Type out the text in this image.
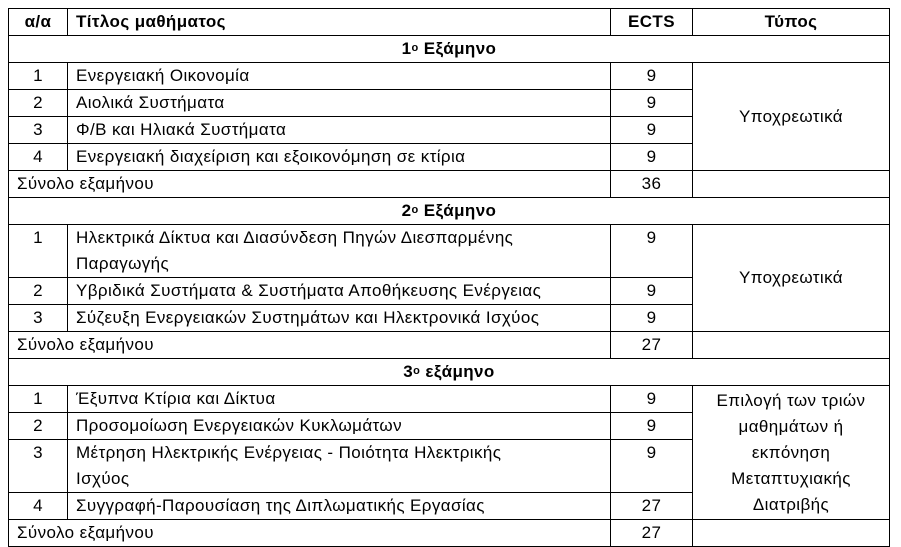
α/α	Τίτλος μαθήματος	ECTS	Τύπος
$1^o$ Εξάμηνο			
1	Ενεργειακή Οικονομία	9	Υποχρεωτικά
2	Αιολικά Συστήματα	9	
3	Φ/Β και Ηλιακά Συστήματα	9	
4	Ενεργειακή διαχείριση και εξοικονόμηση σε κτίρια	9	
Σύνολο εξαμήνου		36	
$2^o$ Εξάμηνο			
1	Ηλεκτρικά Δίκτυα και Διασύνδεση Πηγών Διεσπαρμένης
Παραγωγής	9	Υποχρεωτικά
2	Υβριδικά Συστήματα & Συστήματα Αποθήκευσης Ενέργειας	9	
3	Σύζευξη Ενεργειακών Συστημάτων και Ηλεκτρονικά Ισχύος	9	
Σύνολο εξαμήνου		27	
$3^o$ εξάμηνο			
1	Έξυπνα Κτίρια και Δίκτυα	9	Επιλογή των τριών
μαθημάτων ή
εκπόνηση
Μεταπτυχιακής
Διατριβής

2	Προσομοίωση Ενεργειακών Κυκλωμάτων	9	
3	Μέτρηση Ηλεκτρικής Ενέργειας - Ποιότητα Ηλεκτρικής
Ισχύος	9	
4	Συγγραφή-Παρουσίαση της Διπλωματικής Εργασίας	27	
Σύνολο εξαμήνου		27	
